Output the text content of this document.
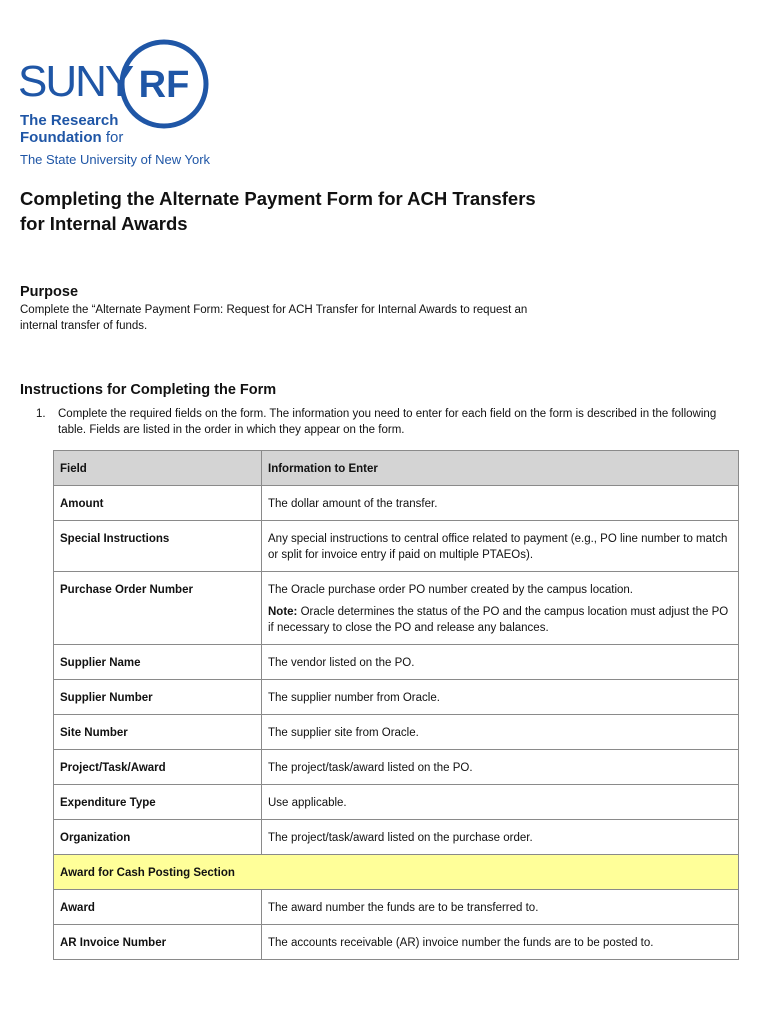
SUNY RF
The Research
Foundation for
The State University of New York
Completing the Alternate Payment Form for ACH Transfers for Internal Awards
Purpose

Complete the “Alternate Payment Form: Request for ACH Transfer for Internal Awards to request an internal transfer of funds.

Instructions for Completing the Form
1. Complete the required fields on the form. The information you need to enter for each field on the form is described in the following table. Fields are listed in the order in which they appear on the form.
Field	Information to Enter
Amount	The dollar amount of the transfer.
Special Instructions	Any special instructions to central office related to payment (e.g., PO line number to match or split for invoice entry if paid on multiple PTAEOs).
Purchase Order Number	The Oracle purchase order PO number created by the campus location.

Note: Oracle determines the status of the PO and the campus location must adjust the PO if necessary to close the PO and release any balances.

Supplier Name	The vendor listed on the PO.
Supplier Number	The supplier number from Oracle.
Site Number	The supplier site from Oracle.
Project/Task/Award	The project/task/award listed on the PO.
Expenditure Type	Use applicable.
Organization	The project/task/award listed on the purchase order.
Award for Cash Posting Section	
Award	The award number the funds are to be transferred to.
AR Invoice Number	The accounts receivable (AR) invoice number the funds are to be posted to.
